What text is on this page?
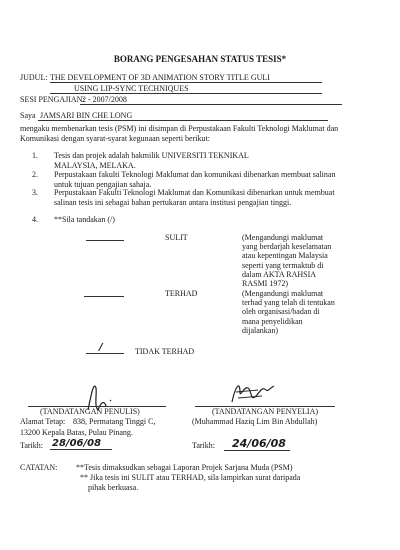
BORANG PENGESAHAN STATUS TESIS*
JUDUL: THE DEVELOPMENT OF 3D ANIMATION STORY TITLE GULI
USING LIP-SYNC TECHNIQUES
SESI PENGAJIAN:
2 - 2007/2008
Saya JAMSARI BIN CHE LONG
mengaku membenarkan tesis (PSM) ini disimpan di Perpustakaan Fakulti Teknologi Maklumat dan Komunikasi dengan syarat-syarat kegunaan seperti berikut:
1.	Tesis dan projek adalah hakmilik UNIVERSITI TEKNIKAL MALAYSIA, MELAKA.
2.	Perpustakaan fakulti Teknologi Maklumat dan komunikasi dibenarkan membuat salinan untuk tujuan pengajian sahaja.
3.	Perpustakaan Fakulti Teknologi Maklumat dan Komunikasi dibenarkan untuk membuat salinan tesis ini sebagai bahan pertukaran antara institusi pengajian tinggi.
4.	**Sila tandakan (/)
SULIT	(Mengandungi maklumat
yang berdarjah keselamatan
atau kepentingan Malaysia
seperti yang termaktub di
dalam AKTA RAHSIA
RASMI 1972)
TERHAD	(Mengandungi maklumat
terhad yang telah di tentukan
oleh organisasi/badan di
mana penyelidikan
dijalankan)
/	TIDAK TERHAD
(TANDATANGAN PENULIS)	(TANDATANGAN PENYELIA)
(Muhammad Haziq Lim Bin Abdullah)
Alamat Tetap: 838, Permatang Tinggi C,
13200 Kepala Batas, Pulau Pinang.
Tarikh: 28/06/08	Tarikh: 24/06/08
CATATAN: **Tesis dimaksudkan sebagai Laporan Projek Sarjana Muda (PSM)
** Jika tesis ini SULIT atau TERHAD, sila lampirkan surat daripada
pihak berkuasa.
